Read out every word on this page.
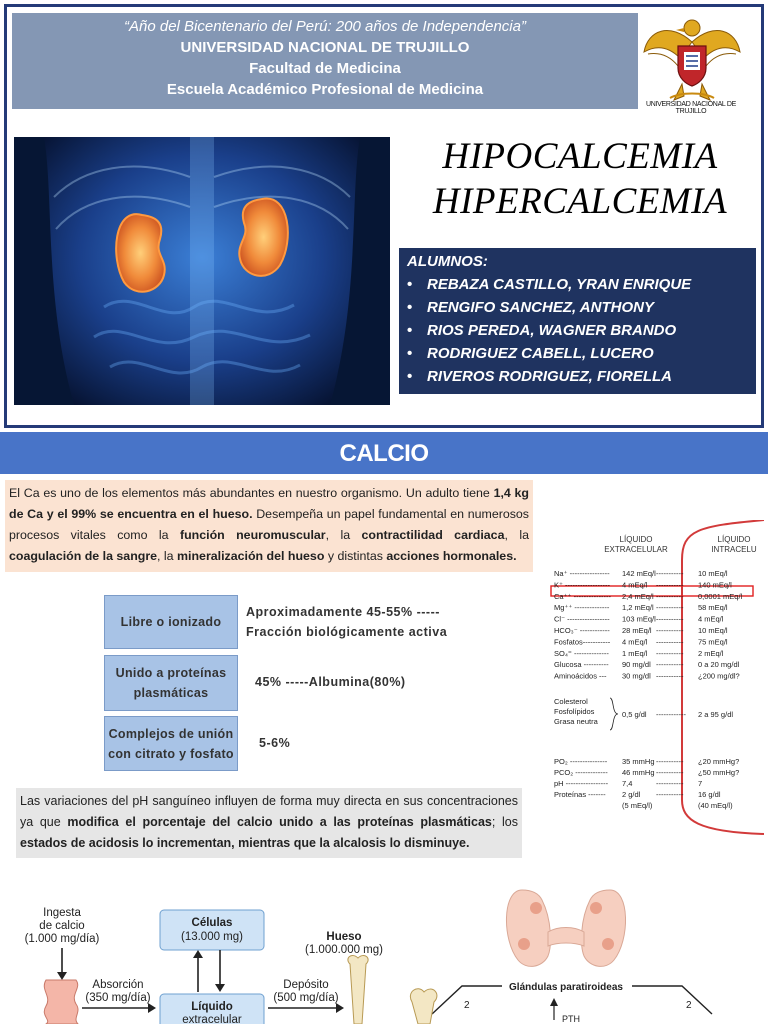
“Año del Bicentenario del Perú: 200 años de Independencia”
UNIVERSIDAD NACIONAL DE TRUJILLO
Facultad de Medicina
Escuela Académico Profesional de Medicina
UNIVERSIDAD NACIONAL DE TRUJILLO
HIPOCALCEMIA
HIPERCALCEMIA
ALUMNOS:
• REBAZA CASTILLO, YRAN ENRIQUE
• RENGIFO SANCHEZ, ANTHONY
• RIOS PEREDA, WAGNER BRANDO
• RODRIGUEZ CABELL, LUCERO
• RIVEROS RODRIGUEZ, FIORELLA
CALCIO
El Ca es uno de los elementos más abundantes en nuestro organismo. Un adulto tiene 1,4 kg de Ca y el 99% se encuentra en el hueso. Desempeña un papel fundamental en numerosos procesos vitales como la función neuromuscular, la contractilidad cardiaca, la coagulación de la sangre, la mineralización del hueso y distintas acciones hormonales.
Libre o ionizado
Aproximadamente 45-55% -----
Fracción biológicamente activa
Unido a proteínas plasmáticas
45% -----Albumina(80%)
Complejos de unión con citrato y fosfato
5-6%
Las variaciones del pH sanguíneo influyen de forma muy directa en sus concentraciones ya que modifica el porcentaje del calcio unido a las proteínas plasmáticas; los estados de acidosis lo incrementan, mientras que la alcalosis lo disminuye.
LÍQUIDO
EXTRACELULAR
LÍQUIDO
INTRACELU
Na⁺ ---------------- 142 mEq/l ----------- 10 mEq/l
K⁺ ------------------ 4 mEq/l ----------- 140 mEq/l
Ca⁺⁺ --------------- 2,4 mEq/l ----------- 0,0001 mEq/l
Mg⁺⁺ -------------- 1,2 mEq/l ----------- 58 mEq/l
Cl⁻ ----------------- 103 mEq/l ----------- 4 mEq/l
HCO₃⁻ ------------ 28 mEq/l ----------- 10 mEq/l
Fosfatos----------- 4 mEq/l ----------- 75 mEq/l
SO₄⁼ -------------- 1 mEq/l ----------- 2 mEq/l
Glucosa ---------- 90 mg/dl ----------- 0 a 20 mg/dl
Aminoácidos --- 30 mg/dl ----------- ¿200 mg/dl?
Colesterol
Fosfolípidos
Grasa neutra
0,5 g/dl ------------ 2 a 95 g/dl
PO₂ --------------- 35 mmHg ----------- ¿20 mmHg?
PCO₂ ------------- 46 mmHg ----------- ¿50 mmHg?
pH ----------------- 7,4	----------- 7
Proteínas ------- 2 g/dl ----------- 16 g/dl
(5 mEq/l)	(40 mEq/l)
Ingesta
de calcio
(1.000 mg/día)
Células
(13.000 mg)
Líquido
extracelular
Absorción
(350 mg/día)
Depósito
(500 mg/día)
Hueso
(1.000.000 mg)
Glándulas paratiroideas
2	2
PTH
